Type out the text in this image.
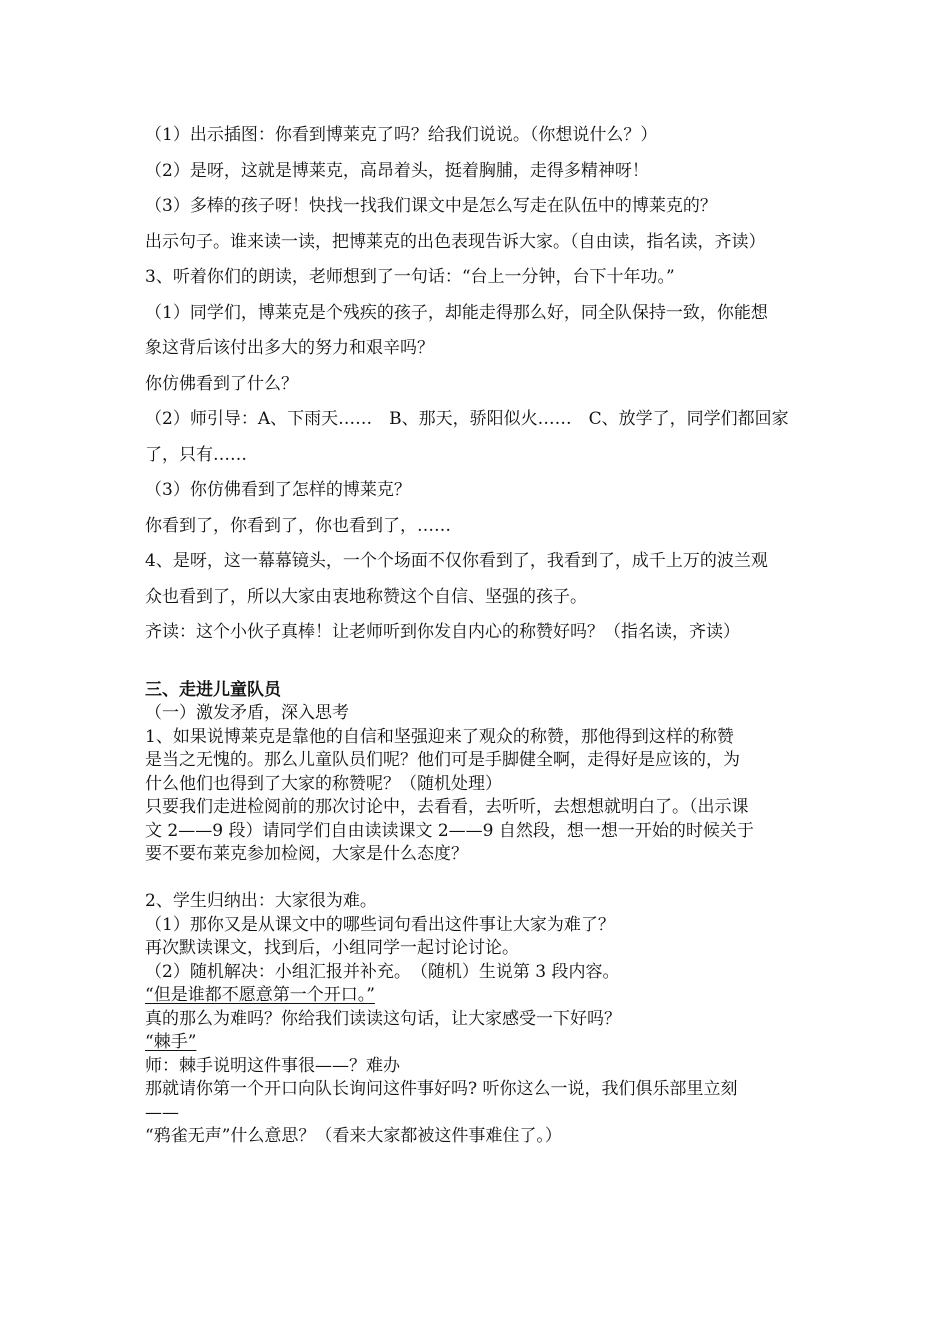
（1）出示插图：你看到博莱克了吗？给我们说说。（你想说什么？）

（2）是呀，这就是博莱克，高昂着头，挺着胸脯，走得多精神呀！

（3）多棒的孩子呀！快找一找我们课文中是怎么写走在队伍中的博莱克的？

出示句子。谁来读一读，把博莱克的出色表现告诉大家。（自由读，指名读，齐读）

3、听着你们的朗读，老师想到了一句话：“台上一分钟，台下十年功。”

（1）同学们，博莱克是个残疾的孩子，却能走得那么好，同全队保持一致，你能想

象这背后该付出多大的努力和艰辛吗？

你仿佛看到了什么？

（2）师引导：A、下雨天……　B、那天，骄阳似火……　C、放学了，同学们都回家

了，只有……

（3）你仿佛看到了怎样的博莱克？

你看到了，你看到了，你也看到了，……

4、是呀，这一幕幕镜头，一个个场面不仅你看到了，我看到了，成千上万的波兰观

众也看到了，所以大家由衷地称赞这个自信、坚强的孩子。

齐读：这个小伙子真棒！让老师听到你发自内心的称赞好吗？（指名读，齐读）

三、走进儿童队员

（一）激发矛盾，深入思考

1、如果说博莱克是靠他的自信和坚强迎来了观众的称赞，那他得到这样的称赞

是当之无愧的。那么儿童队员们呢？他们可是手脚健全啊，走得好是应该的，为

什么他们也得到了大家的称赞呢？（随机处理）

只要我们走进检阅前的那次讨论中，去看看，去听听，去想想就明白了。（出示课

文 2——9 段）请同学们自由读读课文 2——9 自然段，想一想一开始的时候关于

要不要布莱克参加检阅，大家是什么态度？

2、学生归纳出：大家很为难。

（1）那你又是从课文中的哪些词句看出这件事让大家为难了？

再次默读课文，找到后，小组同学一起讨论讨论。

（2）随机解决：小组汇报并补充。　（随机）生说第 3 段内容。

“但是谁都不愿意第一个开口。”

真的那么为难吗？你给我们读读这句话，让大家感受一下好吗？

“棘手”

师：棘手说明这件事很——？难办

那就请你第一个开口向队长询问这件事好吗? 听你这么一说，我们俱乐部里立刻

——

“鸦雀无声”什么意思？（看来大家都被这件事难住了。）
